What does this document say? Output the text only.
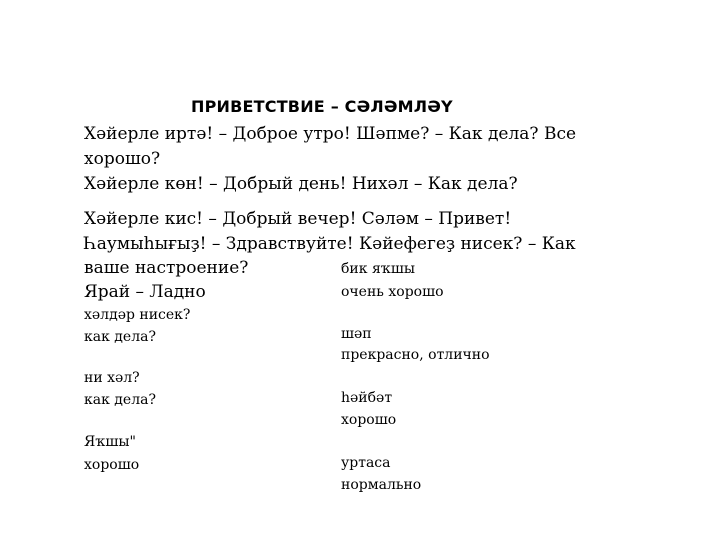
ПРИВЕТСТВИЕ – СӘЛӘМЛӘҮ
Хәйерле иртә! – Доброе утро! Шәпме? – Как дела? Все
хорошо?
Хәйерле көн! – Добрый день! Нихәл – Как дела?
Хәйерле кис! – Добрый вечер! Сәләм – Привет!
Һаумыһығыҙ! – Здравствуйте! Кәйефегеҙ нисек? – Как
ваше настроение?
Ярай – Ладно
хәлдәр нисек?
как дела?
ни хәл?
как дела?
Яҡшы"
хорошо
бик яҡшы
очень хорошо
шәп
прекрасно, отлично
һәйбәт
хорошо
уртаса
нормально
